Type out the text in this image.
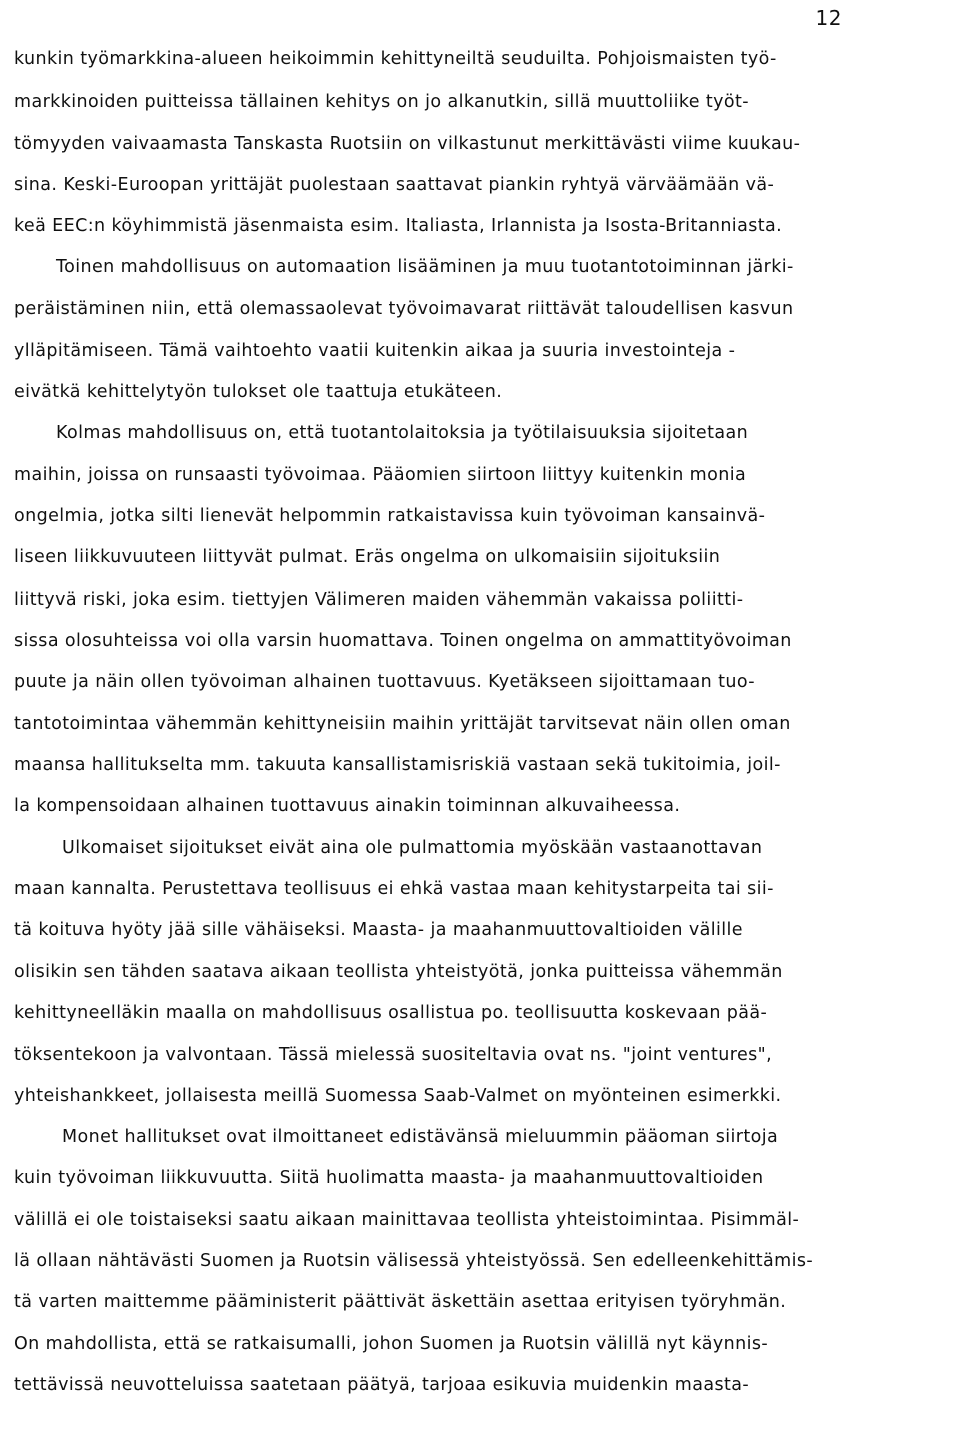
12
kunkin työmarkkina-alueen heikoimmin kehittyneiltä seuduilta. Pohjoismaisten työ-
markkinoiden puitteissa tällainen kehitys on jo alkanutkin, sillä muuttoliike työt-
tömyyden vaivaamasta Tanskasta Ruotsiin on vilkastunut merkittävästi viime kuukau-
sina. Keski-Euroopan yrittäjät puolestaan saattavat piankin ryhtyä värväämään vä-
keä EEC:n köyhimmistä jäsenmaista esim. Italiasta, Irlannista ja Isosta-Britanniasta.
Toinen mahdollisuus on automaation lisääminen ja muu tuotantotoiminnan järki-
peräistäminen niin, että olemassaolevat työvoimavarat riittävät taloudellisen kasvun
ylläpitämiseen. Tämä vaihtoehto vaatii kuitenkin aikaa ja suuria investointeja -
eivätkä kehittelytyön tulokset ole taattuja etukäteen.
Kolmas mahdollisuus on, että tuotantolaitoksia ja työtilaisuuksia sijoitetaan
maihin, joissa on runsaasti työvoimaa. Pääomien siirtoon liittyy kuitenkin monia
ongelmia, jotka silti lienevät helpommin ratkaistavissa kuin työvoiman kansainvä-
liseen liikkuvuuteen liittyvät pulmat. Eräs ongelma on ulkomaisiin sijoituksiin
liittyvä riski, joka esim. tiettyjen Välimeren maiden vähemmän vakaissa poliitti-
sissa olosuhteissa voi olla varsin huomattava. Toinen ongelma on ammattityövoiman
puute ja näin ollen työvoiman alhainen tuottavuus. Kyetäkseen sijoittamaan tuo-
tantotoimintaa vähemmän kehittyneisiin maihin yrittäjät tarvitsevat näin ollen oman
maansa hallitukselta mm. takuuta kansallistamisriskiä vastaan sekä tukitoimia, joil-
la kompensoidaan alhainen tuottavuus ainakin toiminnan alkuvaiheessa.
Ulkomaiset sijoitukset eivät aina ole pulmattomia myöskään vastaanottavan
maan kannalta. Perustettava teollisuus ei ehkä vastaa maan kehitystarpeita tai sii-
tä koituva hyöty jää sille vähäiseksi. Maasta- ja maahanmuuttovaltioiden välille
olisikin sen tähden saatava aikaan teollista yhteistyötä, jonka puitteissa vähemmän
kehittyneelläkin maalla on mahdollisuus osallistua po. teollisuutta koskevaan pää-
töksentekoon ja valvontaan. Tässä mielessä suositeltavia ovat ns. "joint ventures",
yhteishankkeet, jollaisesta meillä Suomessa Saab-Valmet on myönteinen esimerkki.
Monet hallitukset ovat ilmoittaneet edistävänsä mieluummin pääoman siirtoja
kuin työvoiman liikkuvuutta. Siitä huolimatta maasta- ja maahanmuuttovaltioiden
välillä ei ole toistaiseksi saatu aikaan mainittavaa teollista yhteistoimintaa. Pisimmäl-
lä ollaan nähtävästi Suomen ja Ruotsin välisessä yhteistyössä. Sen edelleenkehittämis-
tä varten maittemme pääministerit päättivät äskettäin asettaa erityisen työryhmän.
On mahdollista, että se ratkaisumalli, johon Suomen ja Ruotsin välillä nyt käynnis-
tettävissä neuvotteluissa saatetaan päätyä, tarjoaa esikuvia muidenkin maasta-
